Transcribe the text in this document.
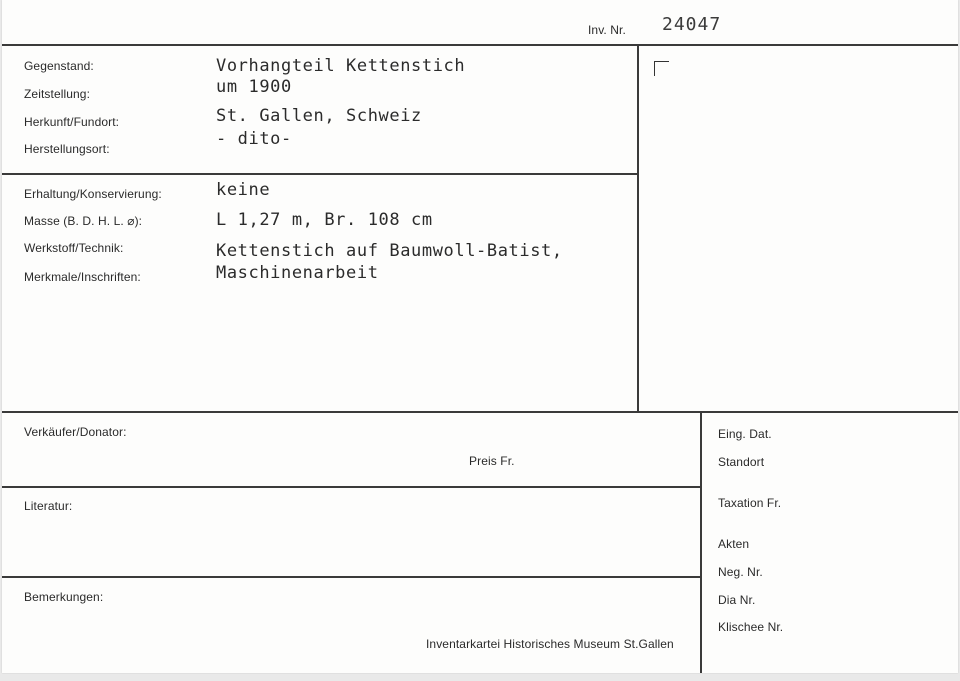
Inv. Nr. 24047
Gegenstand:
Zeitstellung:
Herkunft/Fundort:
Herstellungsort:
Vorhangteil Kettenstich
um 1900
St. Gallen, Schweiz
- dito-
Erhaltung/Konservierung:
Masse (B. D. H. L. ⌀):
Werkstoff/Technik:
Merkmale/Inschriften:
keine
L 1,27 m, Br. 108 cm
Kettenstich auf Baumwoll-Batist,
Maschinenarbeit
Verkäufer/Donator:
Preis Fr.
Literatur:
Bemerkungen:
Inventarkartei Historisches Museum St.Gallen
Eing. Dat.
Standort
Taxation Fr.
Akten
Neg. Nr.
Dia Nr.
Klischee Nr.
